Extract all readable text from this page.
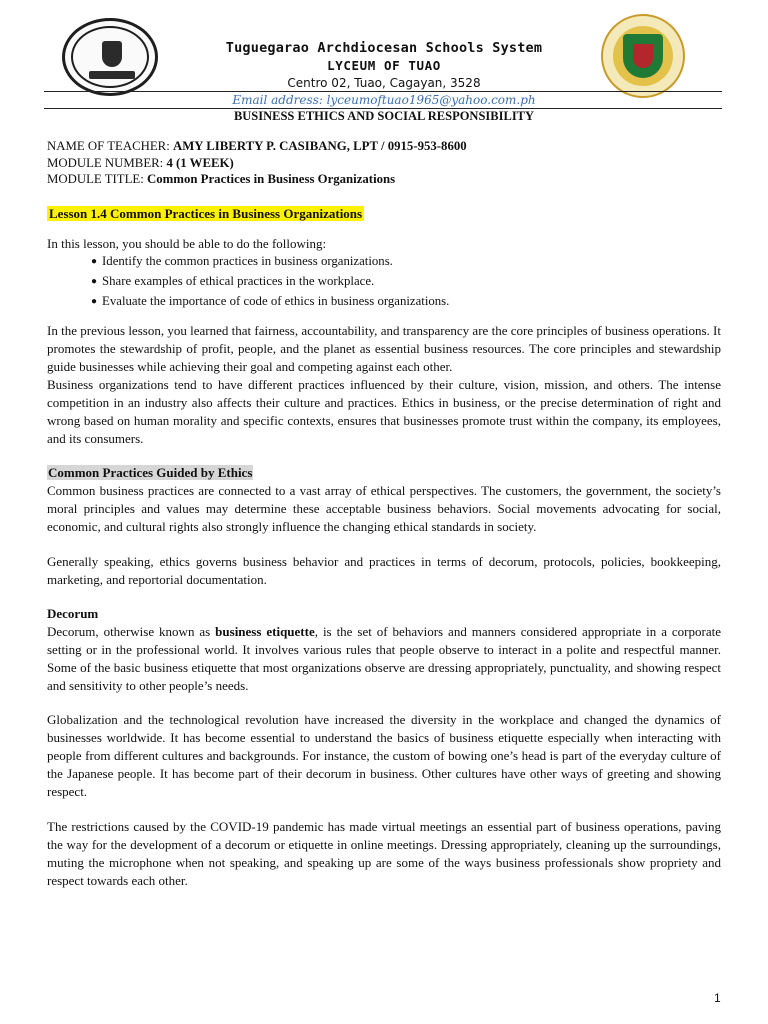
Tuguegarao Archdiocesan Schools System
LYCEUM OF TUAO
Centro 02, Tuao, Cagayan, 3528
Email address: lyceumoftuao1965@yahoo.com.ph
BUSINESS ETHICS AND SOCIAL RESPONSIBILITY
NAME OF TEACHER: AMY LIBERTY P. CASIBANG, LPT / 0915-953-8600
MODULE NUMBER: 4 (1 WEEK)
MODULE TITLE: Common Practices in Business Organizations
Lesson 1.4 Common Practices in Business Organizations
In this lesson, you should be able to do the following:
● Identify the common practices in business organizations.
● Share examples of ethical practices in the workplace.
● Evaluate the importance of code of ethics in business organizations.
In the previous lesson, you learned that fairness, accountability, and transparency are the core principles of business operations. It promotes the stewardship of profit, people, and the planet as essential business resources. The core principles and stewardship guide businesses while achieving their goal and competing against each other.
Business organizations tend to have different practices influenced by their culture, vision, mission, and others. The intense competition in an industry also affects their culture and practices. Ethics in business, or the precise determination of right and wrong based on human morality and specific contexts, ensures that businesses promote trust within the company, its employees, and its consumers.
Common Practices Guided by Ethics
Common business practices are connected to a vast array of ethical perspectives. The customers, the government, the society’s moral principles and values may determine these acceptable business behaviors. Social movements advocating for social, economic, and cultural rights also strongly influence the changing ethical standards in society.
Generally speaking, ethics governs business behavior and practices in terms of decorum, protocols, policies, bookkeeping, marketing, and reportorial documentation.
Decorum
Decorum, otherwise known as business etiquette, is the set of behaviors and manners considered appropriate in a corporate setting or in the professional world. It involves various rules that people observe to interact in a polite and respectful manner. Some of the basic business etiquette that most organizations observe are dressing appropriately, punctuality, and showing respect and sensitivity to other people’s needs.
Globalization and the technological revolution have increased the diversity in the workplace and changed the dynamics of businesses worldwide. It has become essential to understand the basics of business etiquette especially when interacting with people from different cultures and backgrounds. For instance, the custom of bowing one’s head is part of the everyday culture of the Japanese people. It has become part of their decorum in business. Other cultures have other ways of greeting and showing respect.
The restrictions caused by the COVID-19 pandemic has made virtual meetings an essential part of business operations, paving the way for the development of a decorum or etiquette in online meetings. Dressing appropriately, cleaning up the surroundings, muting the microphone when not speaking, and speaking up are some of the ways business professionals show propriety and respect towards each other.
1
